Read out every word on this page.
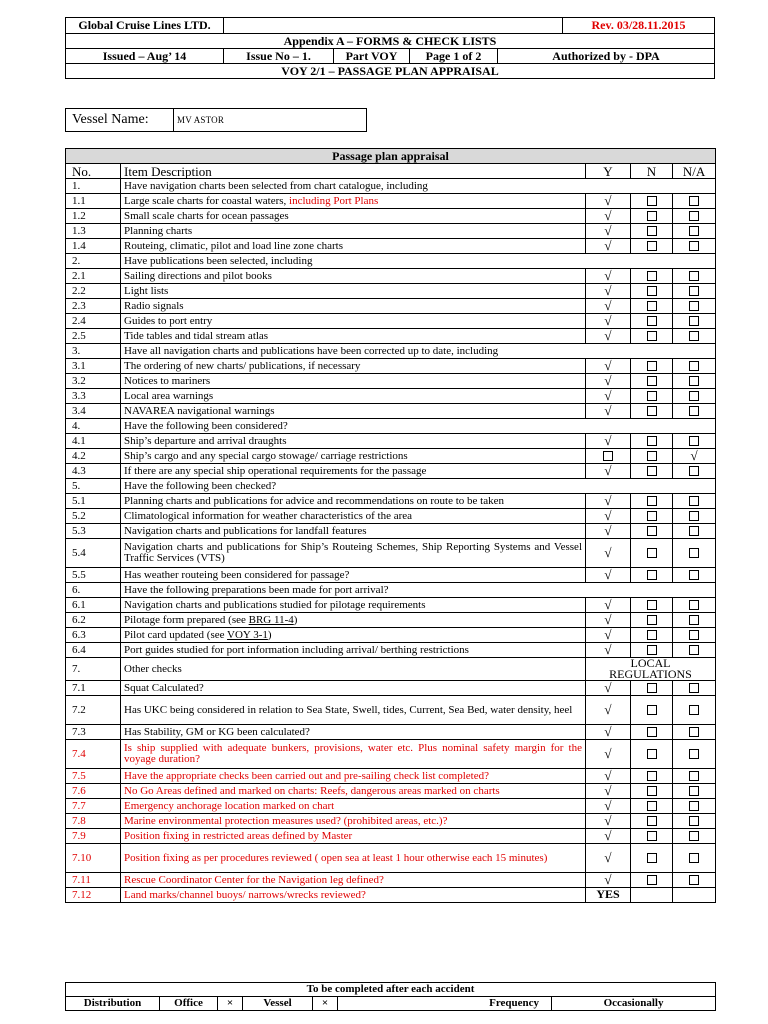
Global Cruise Lines LTD.					Rev. 03/28.11.2015
Appendix A – FORMS & CHECK LISTS					
Issued – Aug’ 14	Issue No – 1.	Part VOY	Page 1 of 2	Authorized by - DPA	
VOY 2/1 – PASSAGE PLAN APPRAISAL					
Vessel Name:	MV ASTOR
Passage plan appraisal				
No.	Item Description	Y	N	N/A
1.	Have navigation charts been selected from chart catalogue, including			
1.1	Large scale charts for coastal waters, including Port Plans	√		
1.2	Small scale charts for ocean passages	√		
1.3	Planning charts	√		
1.4	Routeing, climatic, pilot and load line zone charts	√		
2.	Have publications been selected, including			
2.1	Sailing directions and pilot books	√		
2.2	Light lists	√		
2.3	Radio signals	√		
2.4	Guides to port entry	√		
2.5	Tide tables and tidal stream atlas	√		
3.	Have all navigation charts and publications have been corrected up to date, including			
3.1	The ordering of new charts/ publications, if necessary	√		
3.2	Notices to mariners	√		
3.3	Local area warnings	√		
3.4	NAVAREA navigational warnings	√		
4.	Have the following been considered?			
4.1	Ship’s departure and arrival draughts	√		
4.2	Ship’s cargo and any special cargo stowage/ carriage restrictions			√
4.3	If there are any special ship operational requirements for the passage	√		
5.	Have the following been checked?			
5.1	Planning charts and publications for advice and recommendations on route to be taken	√		
5.2	Climatological information for weather characteristics of the area	√		
5.3	Navigation charts and publications for landfall features	√		
5.4	Navigation charts and publications for Ship’s Routeing Schemes, Ship Reporting Systems and Vessel Traffic Services (VTS)	√		
5.5	Has weather routeing been considered for passage?	√		
6.	Have the following preparations been made for port arrival?			
6.1	Navigation charts and publications studied for pilotage requirements	√		
6.2	Pilotage form prepared (see BRG 11-4)	√		
6.3	Pilot card updated (see VOY 3-1)	√		
6.4	Port guides studied for port information including arrival/ berthing restrictions	√		
7.	Other checks	LOCAL REGULATIONS		
7.1	Squat Calculated?	√		
7.2	Has UKC being considered in relation to Sea State, Swell, tides, Current, Sea Bed, water density, heel	√		
7.3	Has Stability, GM or KG been calculated?	√		
7.4	Is ship supplied with adequate bunkers, provisions, water etc. Plus nominal safety margin for the voyage duration?	√		
7.5	Have the appropriate checks been carried out and pre-sailing check list completed?	√		
7.6	No Go Areas defined and marked on charts: Reefs, dangerous areas marked on charts	√		
7.7	Emergency anchorage location marked on chart	√		
7.8	Marine environmental protection measures used? (prohibited areas, etc.)?	√		
7.9	Position fixing in restricted areas defined by Master	√		
7.10	Position fixing as per procedures reviewed ( open sea at least 1 hour otherwise each 15 minutes)	√		
7.11	Rescue Coordinator Center for the Navigation leg defined?	√		
7.12	Land marks/channel buoys/ narrows/wrecks reviewed?	YES		
To be completed after each accident
Distribution	Office	×	Vessel	×	Frequency	Occasionally
